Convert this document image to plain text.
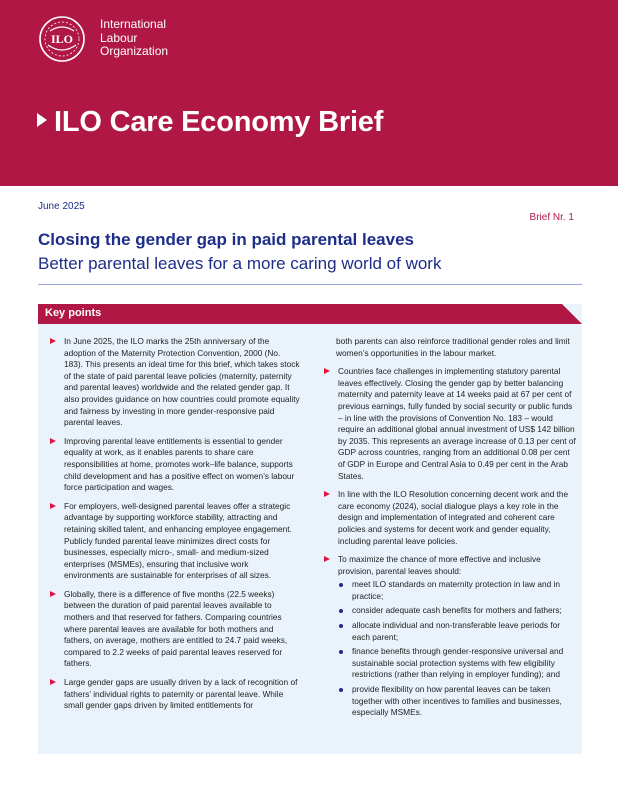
ILO
International
Labour
Organization
ILO Care Economy Brief
June 2025
Brief Nr. 1
Closing the gender gap in paid parental leaves
Better parental leaves for a more caring world of work
Key points
In June 2025, the ILO marks the 25th anniversary of the adoption of the Maternity Protection Convention, 2000 (No. 183). This presents an ideal time for this brief, which takes stock of the state of paid parental leave policies (maternity, paternity and parental leaves) worldwide and the related gender gap. It also provides guidance on how countries could promote equality and fairness by investing in more gender-responsive paid parental leaves.
Improving parental leave entitlements is essential to gender equality at work, as it enables parents to share care responsibilities at home, promotes work–life balance, supports child development and has a positive effect on women’s labour force participation and wages.
For employers, well-designed parental leaves offer a strategic advantage by supporting workforce stability, attracting and retaining skilled talent, and enhancing employee engagement. Publicly funded parental leave minimizes direct costs for businesses, especially micro-, small- and medium-sized enterprises (MSMEs), ensuring that inclusive work environments are sustainable for enterprises of all sizes.
Globally, there is a difference of five months (22.5 weeks) between the duration of paid parental leaves available to mothers and that reserved for fathers. Comparing countries where parental leaves are available for both mothers and fathers, on average, mothers are entitled to 24.7 paid weeks, compared to 2.2 weeks of paid parental leaves reserved for fathers.
Large gender gaps are usually driven by a lack of recognition of fathers’ individual rights to paternity or parental leave. While small gender gaps driven by limited entitlements for
both parents can also reinforce traditional gender roles and limit women’s opportunities in the labour market.
Countries face challenges in implementing statutory parental leaves effectively. Closing the gender gap by better balancing maternity and paternity leave at 14 weeks paid at 67 per cent of previous earnings, fully funded by social security or public funds – in line with the provisions of Convention No. 183 – would require an additional global annual investment of US$ 142 billion by 2035. This represents an average increase of 0.13 per cent of GDP across countries, ranging from an additional 0.08 per cent of GDP in Europe and Central Asia to 0.49 per cent in the Arab States.
In line with the ILO Resolution concerning decent work and the care economy (2024), social dialogue plays a key role in the design and implementation of integrated and coherent care policies and systems for decent work and gender equality, including parental leave policies.
To maximize the chance of more effective and inclusive provision, parental leaves should:
meet ILO standards on maternity protection in law and in practice;
consider adequate cash benefits for mothers and fathers;
allocate individual and non-transferable leave periods for each parent;
finance benefits through gender-responsive universal and sustainable social protection systems with few eligibility restrictions (rather than relying in employer funding); and
provide flexibility on how parental leaves can be taken together with other incentives to families and businesses, especially MSMEs.
